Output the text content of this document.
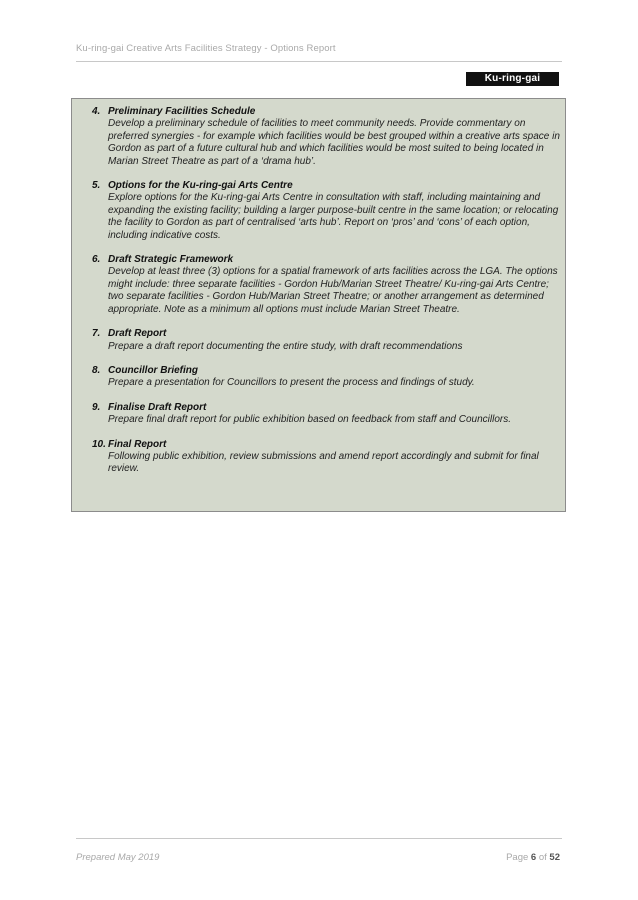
Ku-ring-gai Creative Arts Facilities Strategy - Options Report
Ku-ring-gai Council
4. Preliminary Facilities Schedule
Develop a preliminary schedule of facilities to meet community needs. Provide commentary on preferred synergies - for example which facilities would be best grouped within a creative arts space in Gordon as part of a future cultural hub and which facilities would be most suited to being located in Marian Street Theatre as part of a ‘drama hub’.
5. Options for the Ku-ring-gai Arts Centre
Explore options for the Ku-ring-gai Arts Centre in consultation with staff, including maintaining and expanding the existing facility; building a larger purpose-built centre in the same location; or relocating the facility to Gordon as part of centralised ‘arts hub’. Report on ‘pros’ and ‘cons’ of each option, including indicative costs.
6. Draft Strategic Framework
Develop at least three (3) options for a spatial framework of arts facilities across the LGA. The options might include: three separate facilities - Gordon Hub/Marian Street Theatre/ Ku-ring-gai Arts Centre; two separate facilities - Gordon Hub/Marian Street Theatre; or another arrangement as determined appropriate. Note as a minimum all options must include Marian Street Theatre.
7. Draft Report
Prepare a draft report documenting the entire study, with draft recommendations
8. Councillor Briefing
Prepare a presentation for Councillors to present the process and findings of study.
9. Finalise Draft Report
Prepare final draft report for public exhibition based on feedback from staff and Councillors.
10. Final Report
Following public exhibition, review submissions and amend report accordingly and submit for final review.
Prepared May 2019	Page 6 of 52
